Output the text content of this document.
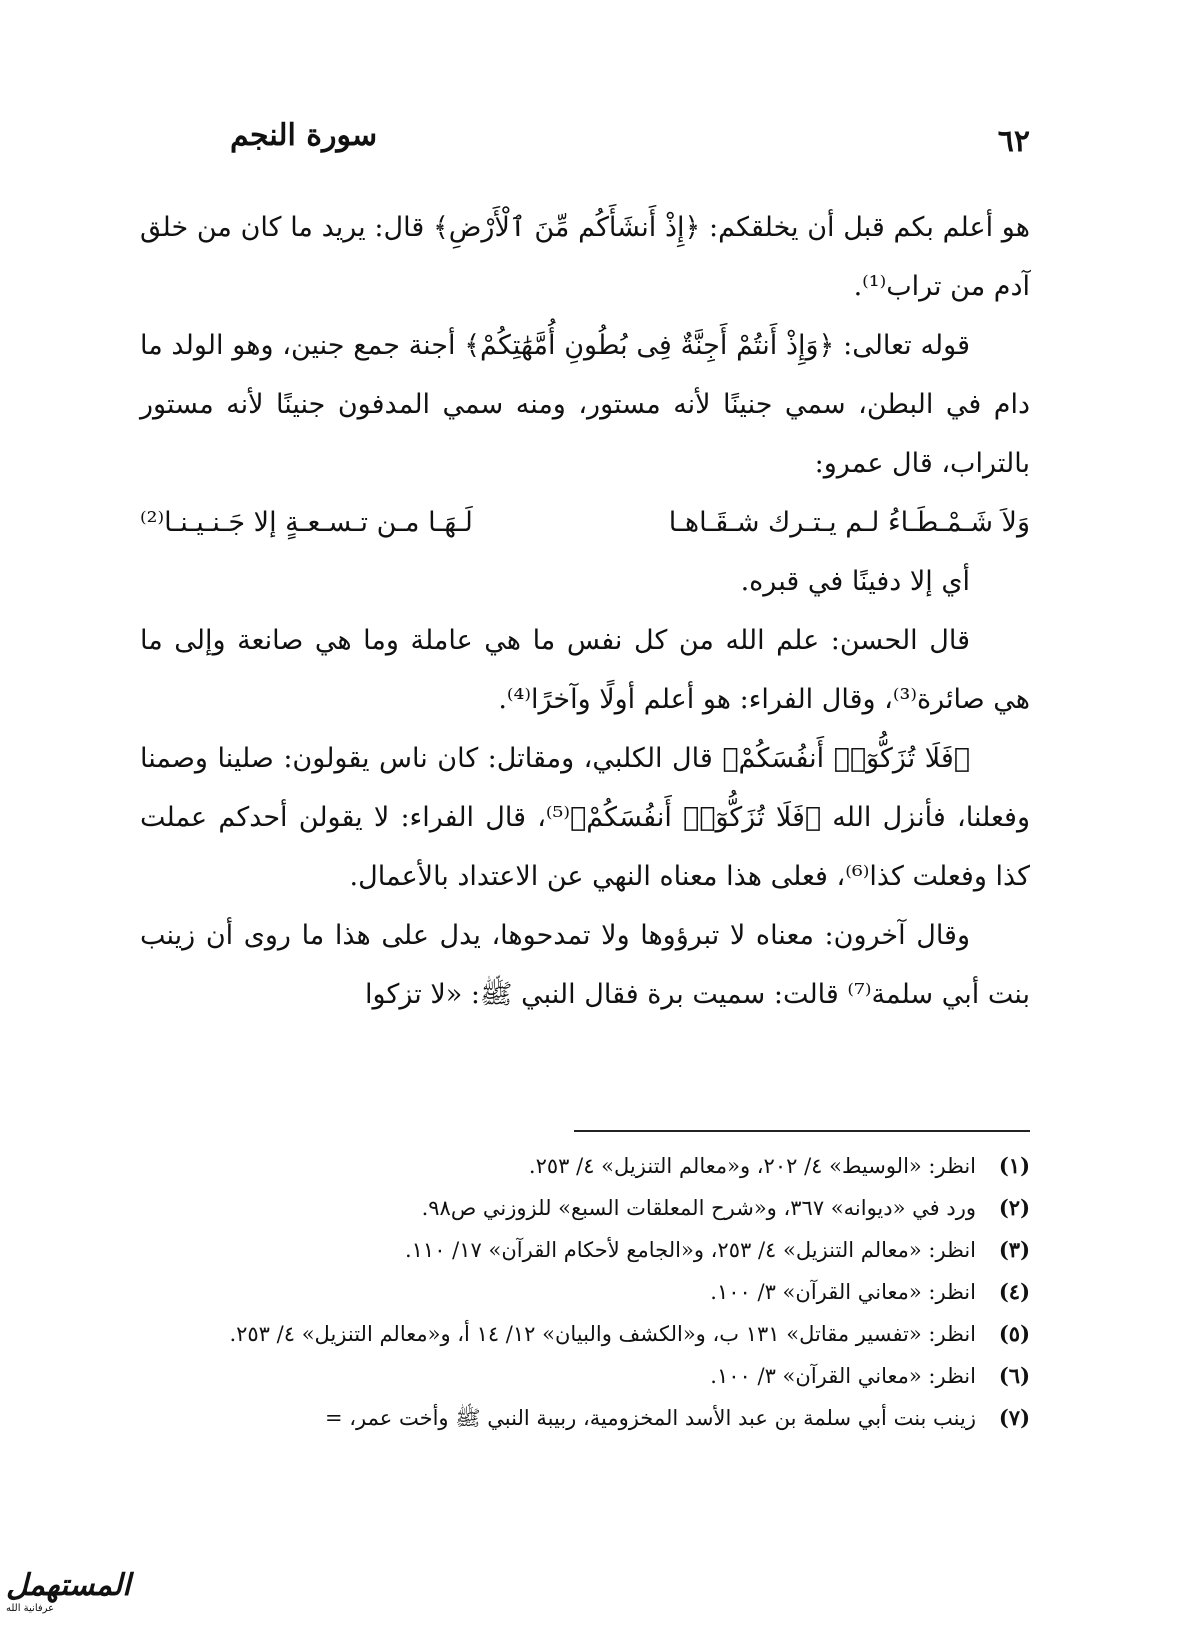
٦٢
سورة النجم

هو أعلم بكم قبل أن يخلقكم: ﴿إِذْ أَنشَأَكُم مِّنَ ٱلْأَرْضِ﴾ قال: يريد ما كان من خلق آدم من تراب⁽¹⁾.

قوله تعالى: ﴿وَإِذْ أَنتُمْ أَجِنَّةٌ فِى بُطُونِ أُمَّهَٰتِكُمْ﴾ أجنة جمع جنين، وهو الولد ما دام في البطن، سمي جنينًا لأنه مستور، ومنه سمي المدفون جنينًا لأنه مستور بالتراب، قال عمرو:

وَلاَ شَـمْـطَـاءُ لـم يـتـرك شـقَـاهـا
لَـهَـا مـن تـسـعـةٍ إلا جَـنـيـنـا⁽²⁾

أي إلا دفينًا في قبره.

قال الحسن: علم الله من كل نفس ما هي عاملة وما هي صانعة وإلى ما هي صائرة⁽³⁾، وقال الفراء: هو أعلم أولًا وآخرًا⁽⁴⁾.

﴿فَلَا تُزَكُّوٓا۟ أَنفُسَكُمْ﴾ قال الكلبي، ومقاتل: كان ناس يقولون: صلينا وصمنا وفعلنا، فأنزل الله ﴿فَلَا تُزَكُّوٓا۟ أَنفُسَكُمْ﴾⁽⁵⁾، قال الفراء: لا يقولن أحدكم عملت كذا وفعلت كذا⁽⁶⁾، فعلى هذا معناه النهي عن الاعتداد بالأعمال.

وقال آخرون: معناه لا تبرؤوها ولا تمدحوها، يدل على هذا ما روى أن زينب بنت أبي سلمة⁽⁷⁾ قالت: سميت برة فقال النبي ﷺ: «لا تزكوا

(١)
انظر: «الوسيط» ٤/ ٢٠٢، و«معالم التنزيل» ٤/ ٢٥٣.
(٢)
ورد في «ديوانه» ٣٦٧، و«شرح المعلقات السبع» للزوزني ص٩٨.
(٣)
انظر: «معالم التنزيل» ٤/ ٢٥٣، و«الجامع لأحكام القرآن» ١٧/ ١١٠.
(٤)
انظر: «معاني القرآن» ٣/ ١٠٠.
(٥)
انظر: «تفسير مقاتل» ١٣١ ب، و«الكشف والبيان» ١٢/ ١٤ أ، و«معالم التنزيل» ٤/ ٢٥٣.
(٦)
انظر: «معاني القرآن» ٣/ ١٠٠.
(٧)
زينب بنت أبي سلمة بن عبد الأسد المخزومية، ربيبة النبي ﷺ وأخت عمر، =
المستهمل
عرفانية الله
